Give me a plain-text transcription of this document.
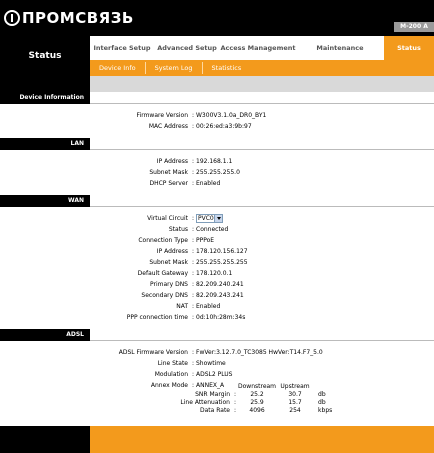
ПРОМСВЯЗЬ	M-200 A
Status
Interface Setup	Advanced Setup Access Management	Maintenance	Status
Device Info	System Log	Statistics
Device Information
Firmware Version : W300V3.1.0a_DR0_BY1
MAC Address : 00:26:ed:a3:9b:97
LAN
IP Address : 192.168.1.1
Subnet Mask : 255.255.255.0
DHCP Server : Enabled
WAN
Virtual Circuit : PVC0
Status : Connected
Connection Type : PPPoE
IP Address : 178.120.156.127
Subnet Mask : 255.255.255.255
Default Gateway : 178.120.0.1
Primary DNS : 82.209.240.241
Secondary DNS : 82.209.243.241
NAT : Enabled
PPP connection time : 0d:10h:28m:34s
ADSL
ADSL Firmware Version : FwVer:3.12.7.0_TC3085 HwVer:T14.F7_5.0
Line State : Showtime
Modulation : ADSL2 PLUS
Annex Mode : ANNEX_A
		Downstream	Upstream	
SNR Margin	:	25.2	30.7	db
Line Attenuation	:	25.9	15.7	db
Data Rate	:	4096	254	kbps
